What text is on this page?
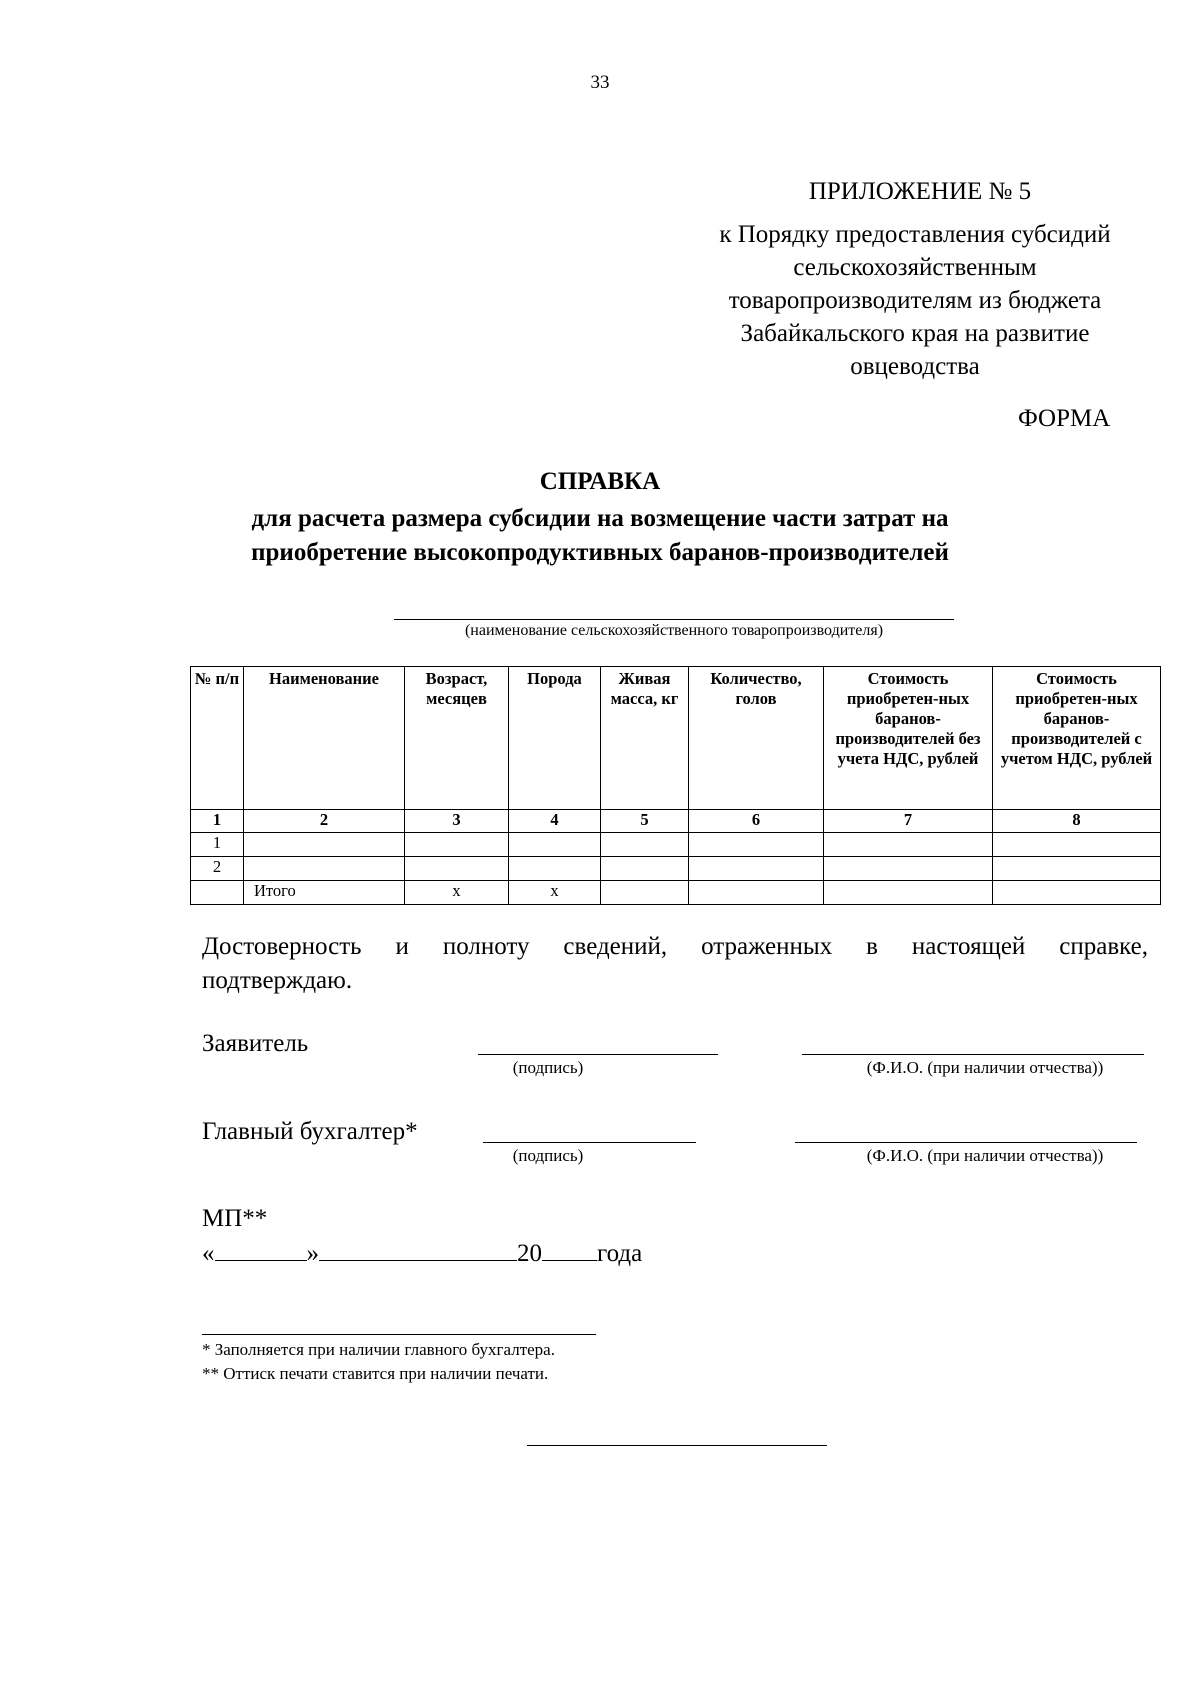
33
ПРИЛОЖЕНИЕ № 5
к Порядку предоставления субсидий
сельскохозяйственным
товаропроизводителям из бюджета
Забайкальского края на развитие
овцеводства
ФОРМА
СПРАВКА
для расчета размера субсидии на возмещение части затрат на
приобретение высокопродуктивных баранов-производителей
(наименование сельскохозяйственного товаропроизводителя)
№ п/п	Наименование	Возраст, месяцев	Порода	Живая масса, кг	Количество, голов	Стоимость приобретен-ных баранов-производителей без учета НДС, рублей	Стоимость приобретен-ных баранов-производителей с учетом НДС, рублей
1	2	3	4	5	6	7	8
1							
2							
	Итого	х	х				
Достоверность и полноту сведений, отраженных в настоящей справке,
подтверждаю.
Заявитель
(подпись)	(Ф.И.О. (при наличии отчества))
Главный бухгалтер*
(подпись)	(Ф.И.О. (при наличии отчества))
МП**
«	»	20 года
* Заполняется при наличии главного бухгалтера.
** Оттиск печати ставится при наличии печати.
